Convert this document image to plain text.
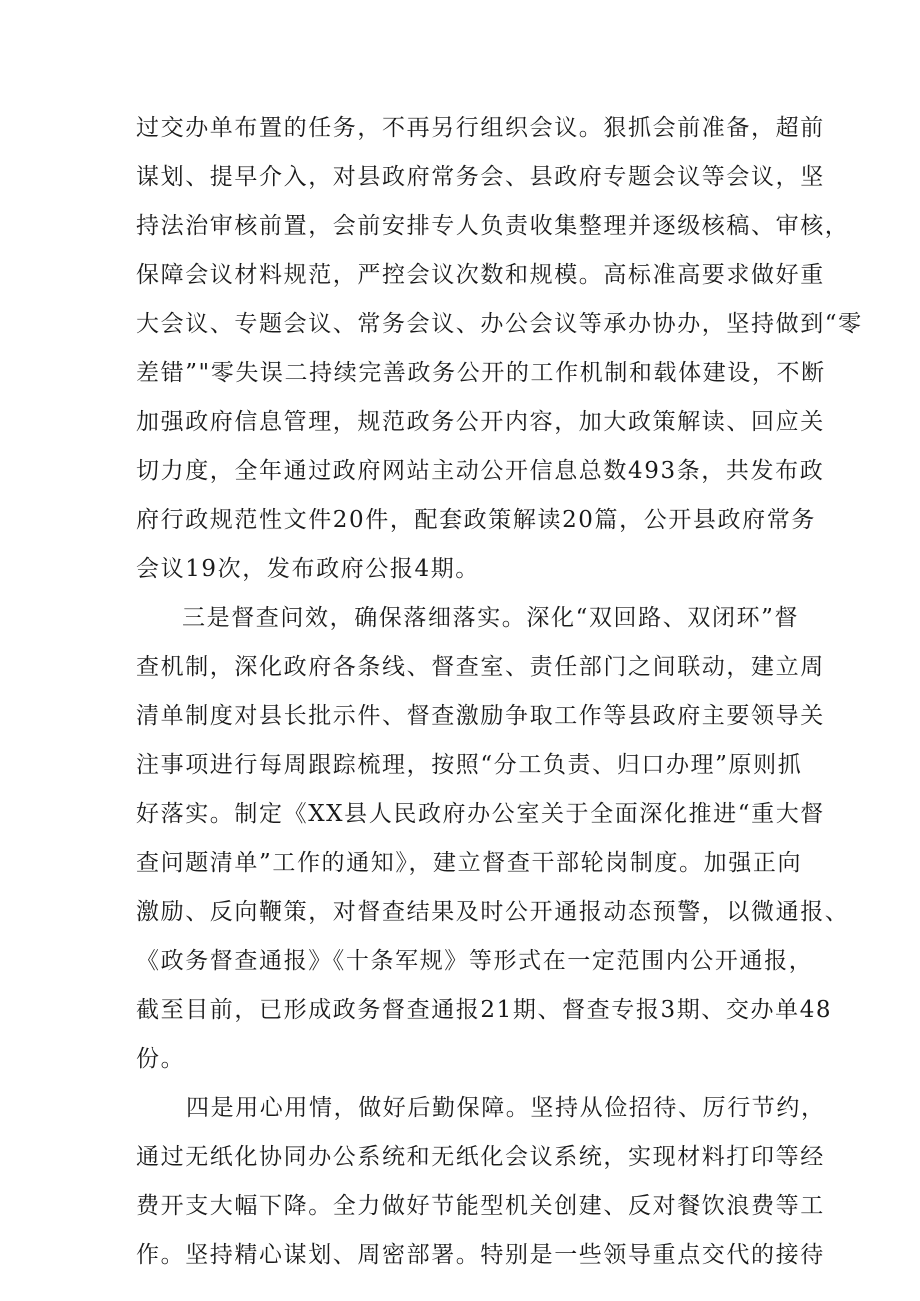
过交办单布置的任务，不再另行组织会议。狠抓会前准备，超前
谋划、提早介入，对县政府常务会、县政府专题会议等会议，坚
持法治审核前置，会前安排专人负责收集整理并逐级核稿、审核，
保障会议材料规范，严控会议次数和规模。高标准高要求做好重
大会议、专题会议、常务会议、办公会议等承办协办，坚持做到“零
差错”"零失误二持续完善政务公开的工作机制和载体建设，不断
加强政府信息管理，规范政务公开内容，加大政策解读、回应关
切力度，全年通过政府网站主动公开信息总数493条，共发布政
府行政规范性文件20件，配套政策解读20篇，公开县政府常务
会议19次，发布政府公报4期。
三是督查问效，确保落细落实。深化“双回路、双闭环”督
查机制，深化政府各条线、督查室、责任部门之间联动，建立周
清单制度对县长批示件、督查激励争取工作等县政府主要领导关
注事项进行每周跟踪梳理，按照“分工负责、归口办理”原则抓
好落实。制定《XX县人民政府办公室关于全面深化推进“重大督
查问题清单”工作的通知》，建立督查干部轮岗制度。加强正向
激励、反向鞭策，对督查结果及时公开通报动态预警，以微通报、
《政务督查通报》《十条军规》等形式在一定范围内公开通报，
截至目前，已形成政务督查通报21期、督查专报3期、交办单48
份。
四是用心用情，做好后勤保障。坚持从俭招待、厉行节约，
通过无纸化协同办公系统和无纸化会议系统，实现材料打印等经
费开支大幅下降。全力做好节能型机关创建、反对餐饮浪费等工
作。坚持精心谋划、周密部署。特别是一些领导重点交代的接待
